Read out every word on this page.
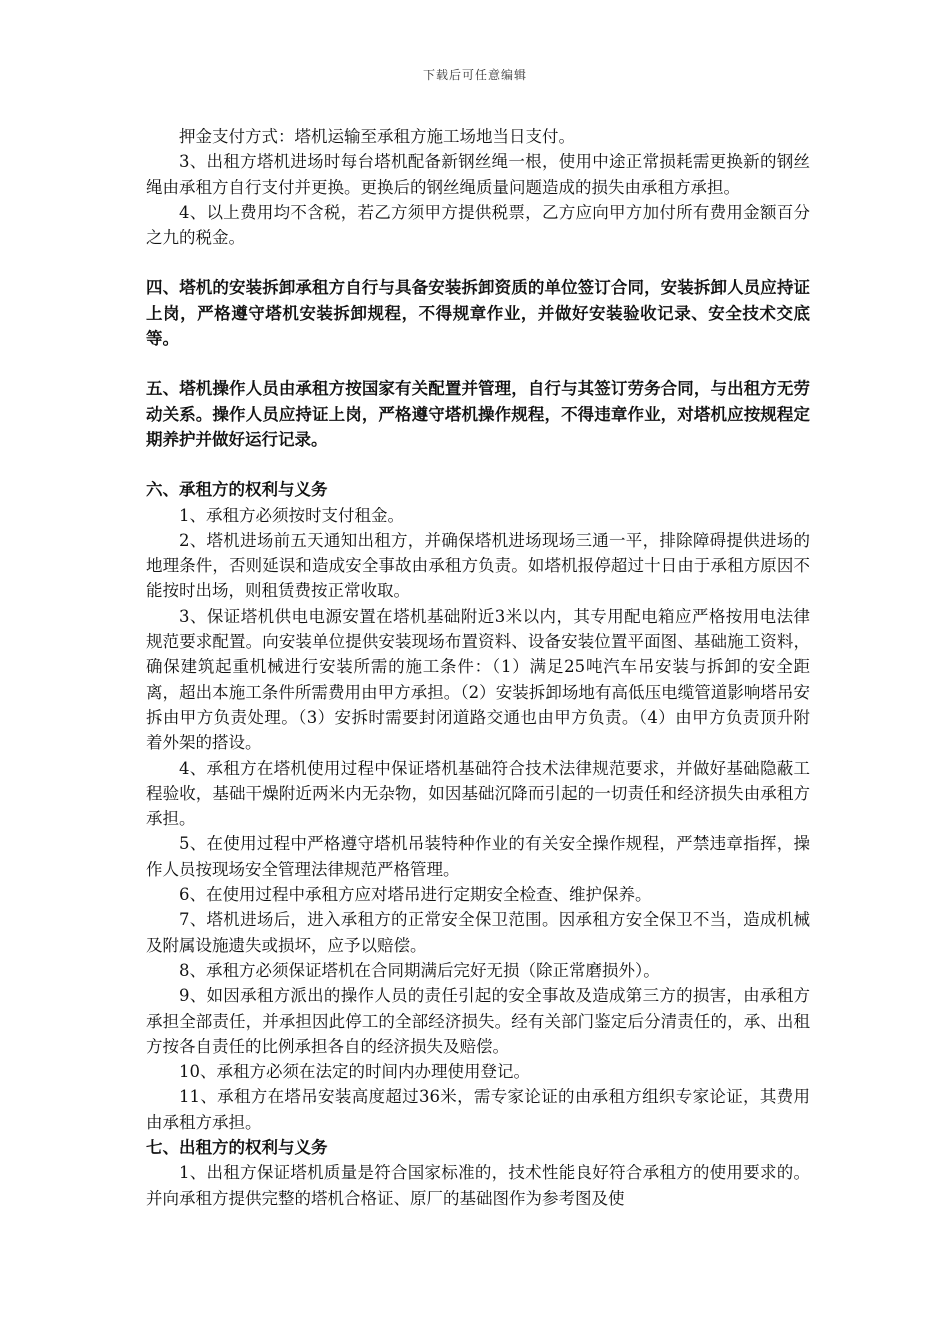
下载后可任意编辑
押金支付方式：塔机运输至承租方施工场地当日支付。
3、出租方塔机进场时每台塔机配备新钢丝绳一根，使用中途正常损耗需更换新的钢丝绳由承租方自行支付并更换。更换后的钢丝绳质量问题造成的损失由承租方承担。
4、以上费用均不含税，若乙方须甲方提供税票，乙方应向甲方加付所有费用金额百分之九的税金。
四、塔机的安装拆卸承租方自行与具备安装拆卸资质的单位签订合同，安装拆卸人员应持证上岗，严格遵守塔机安装拆卸规程，不得规章作业，并做好安装验收记录、安全技术交底等。
五、塔机操作人员由承租方按国家有关配置并管理，自行与其签订劳务合同，与出租方无劳动关系。操作人员应持证上岗，严格遵守塔机操作规程，不得违章作业，对塔机应按规程定期养护并做好运行记录。
六、承租方的权利与义务
1、承租方必须按时支付租金。
2、塔机进场前五天通知出租方，并确保塔机进场现场三通一平，排除障碍提供进场的地理条件，否则延误和造成安全事故由承租方负责。如塔机报停超过十日由于承租方原因不能按时出场，则租赁费按正常收取。
3、保证塔机供电电源安置在塔机基础附近3米以内，其专用配电箱应严格按用电法律规范要求配置。向安装单位提供安装现场布置资料、设备安装位置平面图、基础施工资料，确保建筑起重机械进行安装所需的施工条件：（1）满足25吨汽车吊安装与拆卸的安全距离，超出本施工条件所需费用由甲方承担。（2）安装拆卸场地有高低压电缆管道影响塔吊安拆由甲方负责处理。（3）安拆时需要封闭道路交通也由甲方负责。（4）由甲方负责顶升附着外架的搭设。
4、承租方在塔机使用过程中保证塔机基础符合技术法律规范要求，并做好基础隐蔽工程验收，基础干燥附近两米内无杂物，如因基础沉降而引起的一切责任和经济损失由承租方承担。
5、在使用过程中严格遵守塔机吊装特种作业的有关安全操作规程，严禁违章指挥，操作人员按现场安全管理法律规范严格管理。
6、在使用过程中承租方应对塔吊进行定期安全检查、维护保养。
7、塔机进场后，进入承租方的正常安全保卫范围。因承租方安全保卫不当，造成机械及附属设施遗失或损坏，应予以赔偿。
8、承租方必须保证塔机在合同期满后完好无损（除正常磨损外）。
9、如因承租方派出的操作人员的责任引起的安全事故及造成第三方的损害，由承租方承担全部责任，并承担因此停工的全部经济损失。经有关部门鉴定后分清责任的，承、出租方按各自责任的比例承担各自的经济损失及赔偿。
10、承租方必须在法定的时间内办理使用登记。
11、承租方在塔吊安装高度超过36米，需专家论证的由承租方组织专家论证，其费用由承租方承担。
七、出租方的权利与义务
1、出租方保证塔机质量是符合国家标准的，技术性能良好符合承租方的使用要求的。并向承租方提供完整的塔机合格证、原厂的基础图作为参考图及使
